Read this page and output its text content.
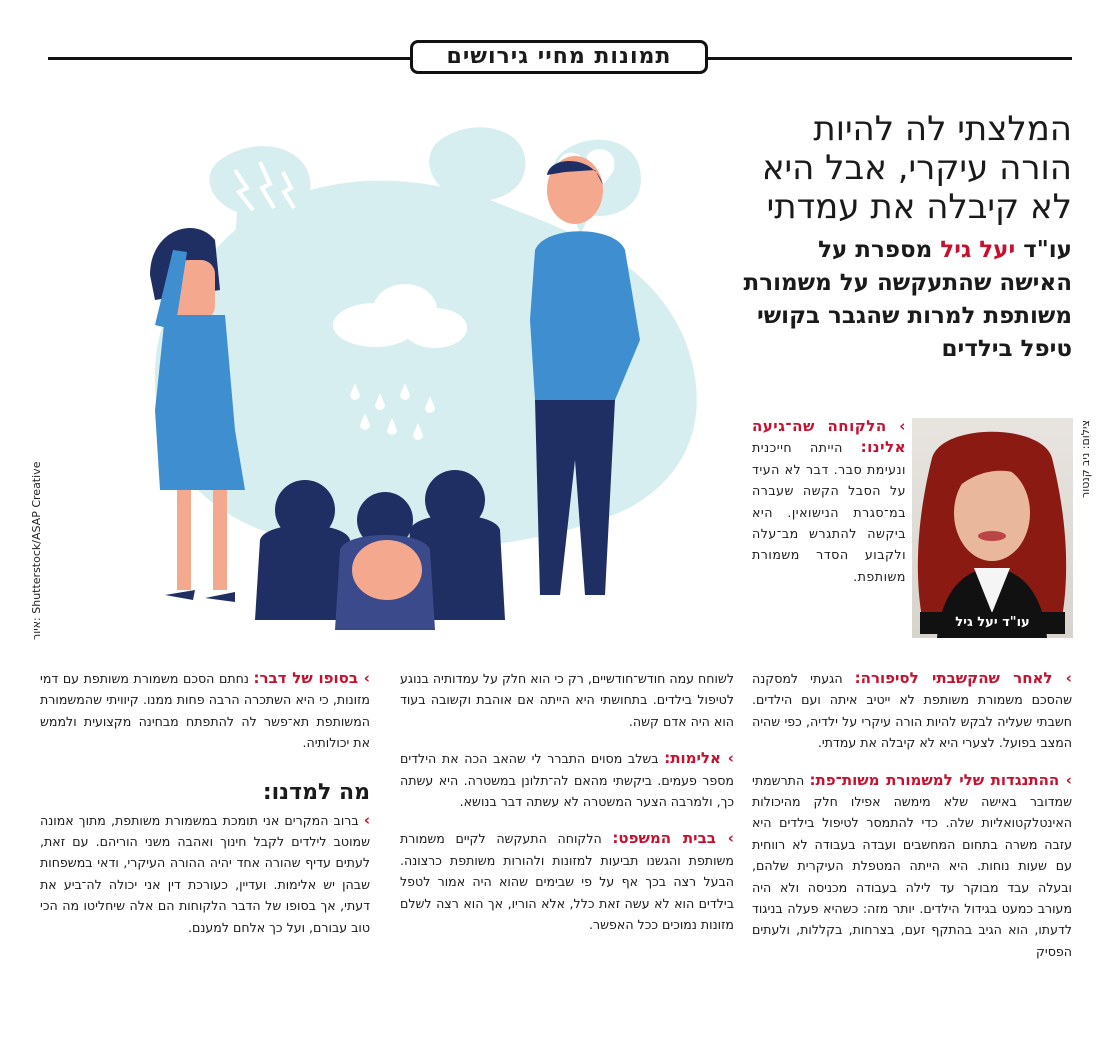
תמונות מחיי גירושים
המלצתי לה להיות הורה עיקרי, אבל היא לא קיבלה את עמדתי
עו"ד יעל גיל מספרת על האישה שהתעקשה על משמורת משותפת למרות שהגבר בקושי טיפל בילדים
איור: Shutterstock/ASAP Creative
עו"ד יעל גיל
צילום: ניב קנטור
› הלקוחה שה־גיעה אלינו: הייתה חייכנית ונעימת סבר. דבר לא העיד על הסבל הקשה שעברה במ־סגרת הנישואין. היא ביקשה להתגרש מב־עלה ולקבוע הסדר משמורת משותפת.
› לאחר שהקשבתי לסיפורה: הגעתי למסקנה שהסכם משמורת משותפת לא ייטיב איתה ועם הילדים. חשבתי שעליה לבקש להיות הורה עיקרי על ילדיה, כפי שהיה המצב בפועל. לצערי היא לא קיבלה את עמדתי.
› ההתנגדות שלי למשמורת משות־פת: התרשמתי שמדובר באישה שלא מימשה אפילו חלק מהיכולות האינטלקטואליות שלה. כדי להתמסר לטיפול בילדים היא עזבה משרה בתחום המחשבים ועבדה בעבודה לא רווחית עם שעות נוחות. היא הייתה המטפלת העיקרית שלהם, ובעלה עבד מבוקר עד לילה בעבודה מכניסה ולא היה מעורב כמעט בגידול הילדים. יותר מזה: כשהיא פעלה בניגוד לדעתו, הוא הגיב בהתקף זעם, בצרחות, בקללות, ולעתים הפסיק
לשוחח עמה חודש־חודשיים, רק כי הוא חלק על עמדותיה בנוגע לטיפול בילדים. בתחושתי היא הייתה אם אוהבת וקשובה בעוד הוא היה אדם קשה.
› אלימות: בשלב מסוים התברר לי שהאב הכה את הילדים מספר פעמים. ביקשתי מהאם לה־תלונן במשטרה. היא עשתה כך, ולמרבה הצער המשטרה לא עשתה דבר בנושא.
› בבית המשפט: הלקוחה התעקשה לקיים משמורת משותפת והגשנו תביעות למזונות ולהורות משותפת כרצונה. הבעל רצה בכך אף על פי שבימים שהוא היה אמור לטפל בילדים הוא לא עשה זאת כלל, אלא הוריו, אך הוא רצה לשלם מזונות נמוכים ככל האפשר.
› בסופו של דבר: נחתם הסכם משמורת משותפת עם דמי מזונות, כי היא השתכרה הרבה פחות ממנו. קיוויתי שהמשמורת המשותפת תא־פשר לה להתפתח מבחינה מקצועית ולממש את יכולותיה.
מה למדנו:
› ברוב המקרים אני תומכת במשמורת משותפת, מתוך אמונה שמוטב לילדים לקבל חינוך ואהבה משני הוריהם. עם זאת, לעתים עדיף שהורה אחד יהיה ההורה העיקרי, ודאי במשפחות שבהן יש אלימות. ועדיין, כעורכת דין אני יכולה לה־ביע את דעתי, אך בסופו של הדבר הלקוחות הם אלה שיחליטו מה הכי טוב עבורם, ועל כך אלחם למענם.
